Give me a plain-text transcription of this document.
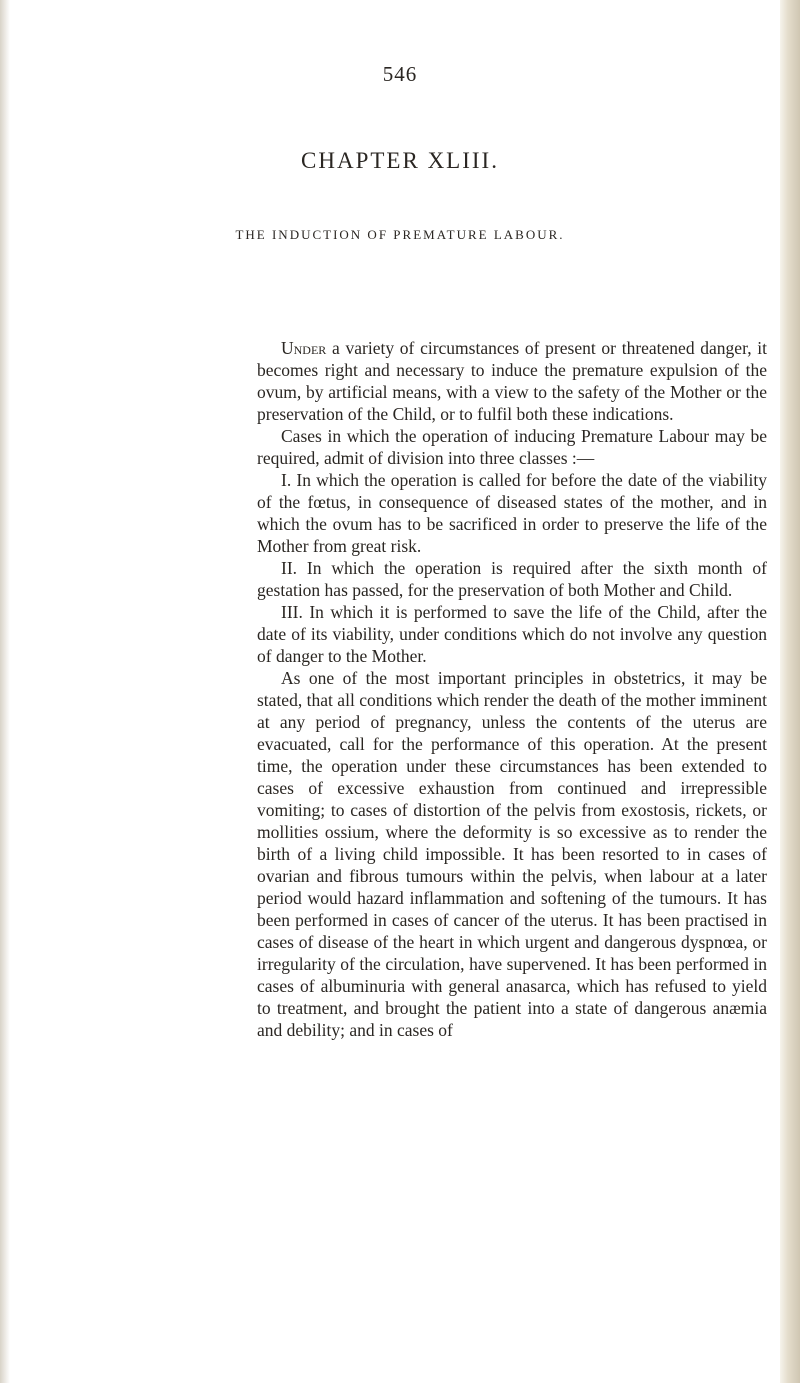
546
CHAPTER XLIII.
THE INDUCTION OF PREMATURE LABOUR.

Under a variety of circumstances of present or threatened danger, it becomes right and necessary to induce the premature expulsion of the ovum, by artificial means, with a view to the safety of the Mother or the preservation of the Child, or to fulfil both these indications.

Cases in which the operation of inducing Premature Labour may be required, admit of division into three classes :—

I. In which the operation is called for before the date of the viability of the fœtus, in consequence of diseased states of the mother, and in which the ovum has to be sacrificed in order to preserve the life of the Mother from great risk.

II. In which the operation is required after the sixth month of gestation has passed, for the preservation of both Mother and Child.

III. In which it is performed to save the life of the Child, after the date of its viability, under conditions which do not involve any question of danger to the Mother.

As one of the most important principles in obstetrics, it may be stated, that all conditions which render the death of the mother imminent at any period of pregnancy, unless the contents of the uterus are evacuated, call for the performance of this operation. At the present time, the operation under these circumstances has been extended to cases of excessive exhaustion from continued and irrepressible vomiting; to cases of distortion of the pelvis from exostosis, rickets, or mollities ossium, where the deformity is so excessive as to render the birth of a living child impossible. It has been resorted to in cases of ovarian and fibrous tumours within the pelvis, when labour at a later period would hazard inflammation and softening of the tumours. It has been performed in cases of cancer of the uterus. It has been practised in cases of disease of the heart in which urgent and dangerous dyspnœa, or irregularity of the circulation, have supervened. It has been performed in cases of albuminuria with general anasarca, which has refused to yield to treatment, and brought the patient into a state of dangerous anæmia and debility; and in cases of
